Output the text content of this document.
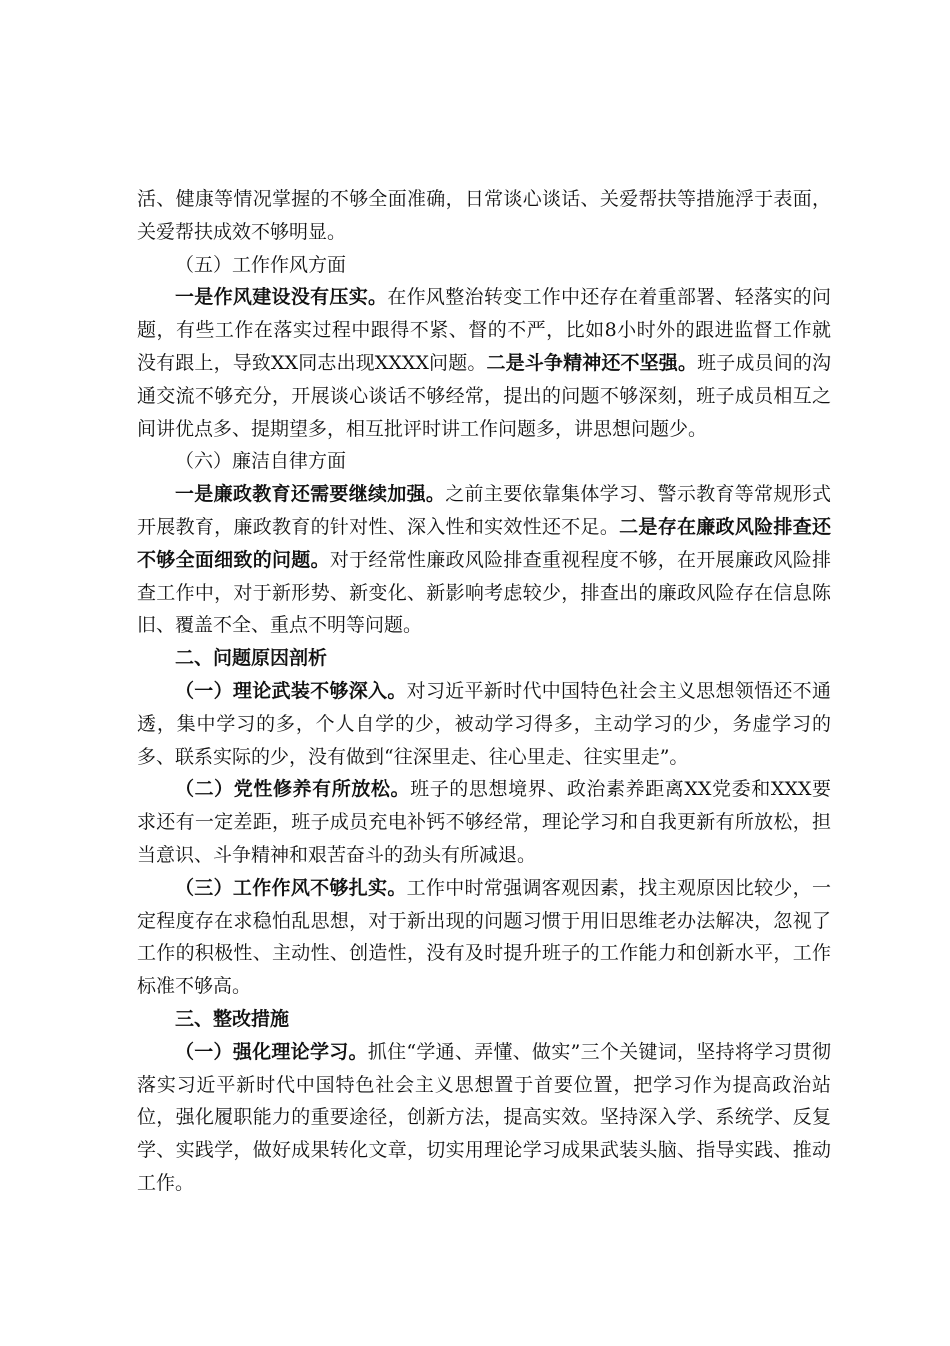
活、健康等情况掌握的不够全面准确，日常谈心谈话、关爱帮扶等措施浮于表面，关爱帮扶成效不够明显。

（五）工作作风方面

一是作风建设没有压实。在作风整治转变工作中还存在着重部署、轻落实的问题，有些工作在落实过程中跟得不紧、督的不严，比如8小时外的跟进监督工作就没有跟上，导致XX同志出现XXXX问题。二是斗争精神还不坚强。班子成员间的沟通交流不够充分，开展谈心谈话不够经常，提出的问题不够深刻，班子成员相互之间讲优点多、提期望多，相互批评时讲工作问题多，讲思想问题少。

（六）廉洁自律方面

一是廉政教育还需要继续加强。之前主要依靠集体学习、警示教育等常规形式开展教育，廉政教育的针对性、深入性和实效性还不足。二是存在廉政风险排查还不够全面细致的问题。对于经常性廉政风险排查重视程度不够，在开展廉政风险排查工作中，对于新形势、新变化、新影响考虑较少，排查出的廉政风险存在信息陈旧、覆盖不全、重点不明等问题。

二、问题原因剖析

（一）理论武装不够深入。对习近平新时代中国特色社会主义思想领悟还不通透，集中学习的多，个人自学的少，被动学习得多，主动学习的少，务虚学习的多、联系实际的少，没有做到“往深里走、往心里走、往实里走”。

（二）党性修养有所放松。班子的思想境界、政治素养距离XX党委和XXX要求还有一定差距，班子成员充电补钙不够经常，理论学习和自我更新有所放松，担当意识、斗争精神和艰苦奋斗的劲头有所减退。

（三）工作作风不够扎实。工作中时常强调客观因素，找主观原因比较少，一定程度存在求稳怕乱思想，对于新出现的问题习惯于用旧思维老办法解决，忽视了工作的积极性、主动性、创造性，没有及时提升班子的工作能力和创新水平，工作标准不够高。

三、整改措施

（一）强化理论学习。抓住“学通、弄懂、做实”三个关键词，坚持将学习贯彻落实习近平新时代中国特色社会主义思想置于首要位置，把学习作为提高政治站位，强化履职能力的重要途径，创新方法，提高实效。坚持深入学、系统学、反复学、实践学，做好成果转化文章，切实用理论学习成果武装头脑、指导实践、推动工作。
